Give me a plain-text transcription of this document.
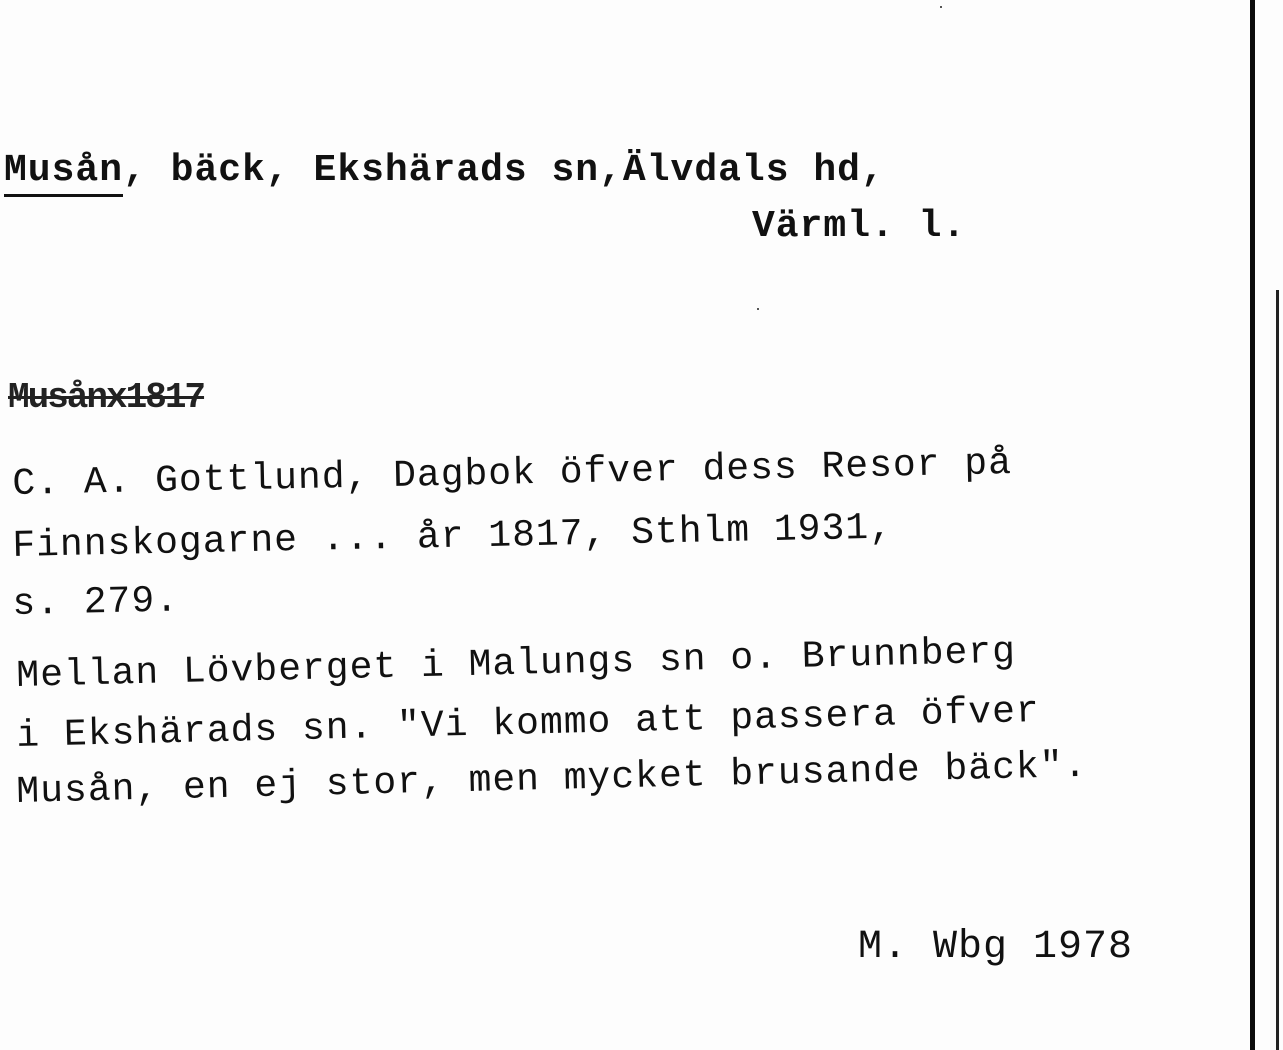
Musån, bäck, Ekshärads sn,Älvdals hd,
Värml. l.
Musånx1817
C. A. Gottlund, Dagbok öfver dess Resor på
Finnskogarne ... år 1817, Sthlm 1931,
s. 279.
Mellan Lövberget i Malungs sn o. Brunnberg
i Ekshärads sn. "Vi kommo att passera öfver
Musån, en ej stor, men mycket brusande bäck".
M. Wbg 1978
